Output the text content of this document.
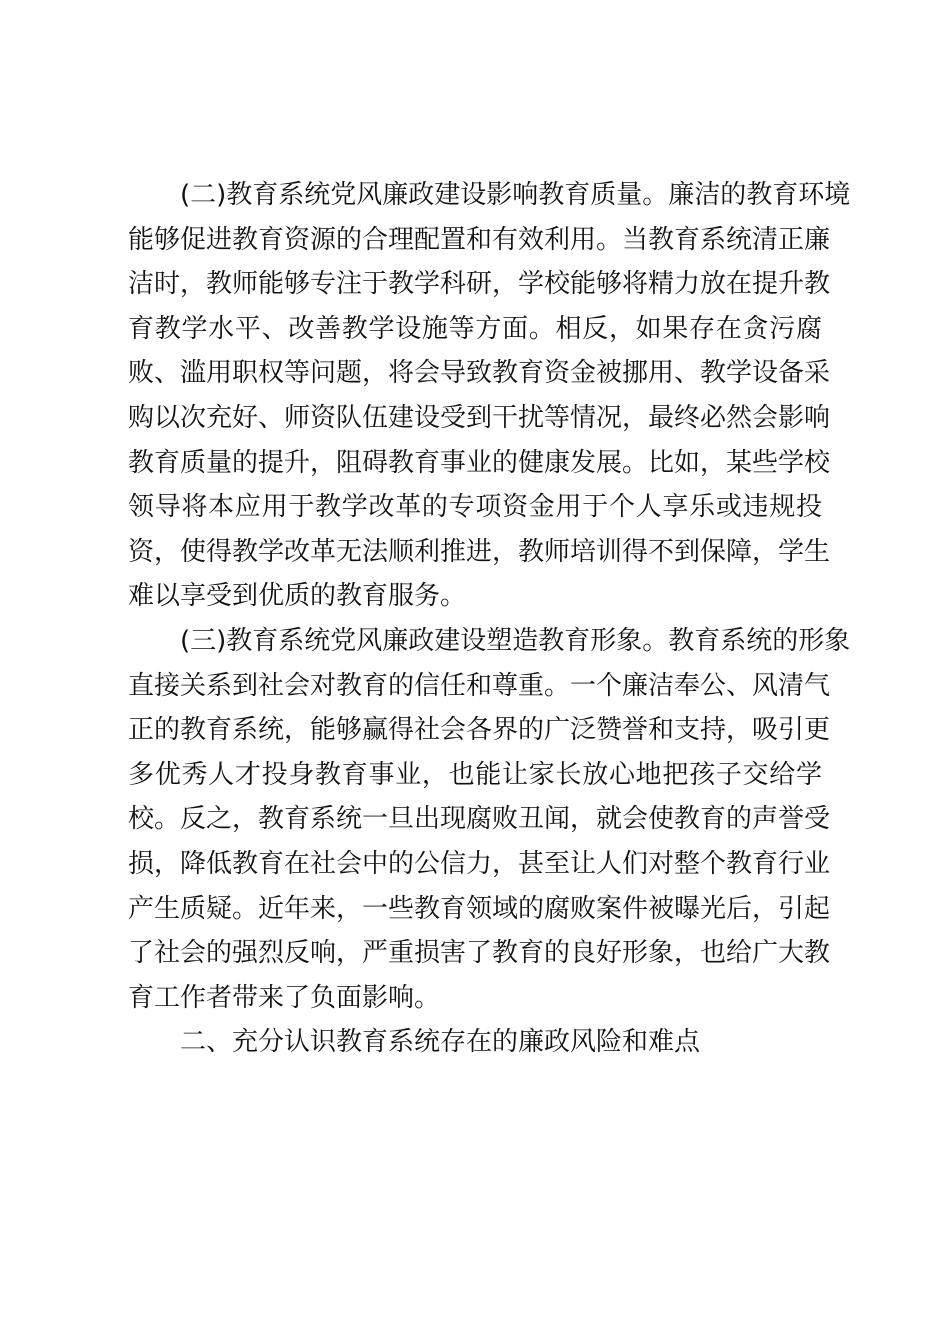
(二)教育系统党风廉政建设影响教育质量。廉洁的教育环境
能够促进教育资源的合理配置和有效利用。当教育系统清正廉
洁时，教师能够专注于教学科研，学校能够将精力放在提升教
育教学水平、改善教学设施等方面。相反，如果存在贪污腐
败、滥用职权等问题，将会导致教育资金被挪用、教学设备采
购以次充好、师资队伍建设受到干扰等情况，最终必然会影响
教育质量的提升，阻碍教育事业的健康发展。比如，某些学校
领导将本应用于教学改革的专项资金用于个人享乐或违规投
资，使得教学改革无法顺利推进，教师培训得不到保障，学生
难以享受到优质的教育服务。
(三)教育系统党风廉政建设塑造教育形象。教育系统的形象
直接关系到社会对教育的信任和尊重。一个廉洁奉公、风清气
正的教育系统，能够赢得社会各界的广泛赞誉和支持，吸引更
多优秀人才投身教育事业，也能让家长放心地把孩子交给学
校。反之，教育系统一旦出现腐败丑闻，就会使教育的声誉受
损，降低教育在社会中的公信力，甚至让人们对整个教育行业
产生质疑。近年来，一些教育领域的腐败案件被曝光后，引起
了社会的强烈反响，严重损害了教育的良好形象，也给广大教
育工作者带来了负面影响。
二、充分认识教育系统存在的廉政风险和难点
